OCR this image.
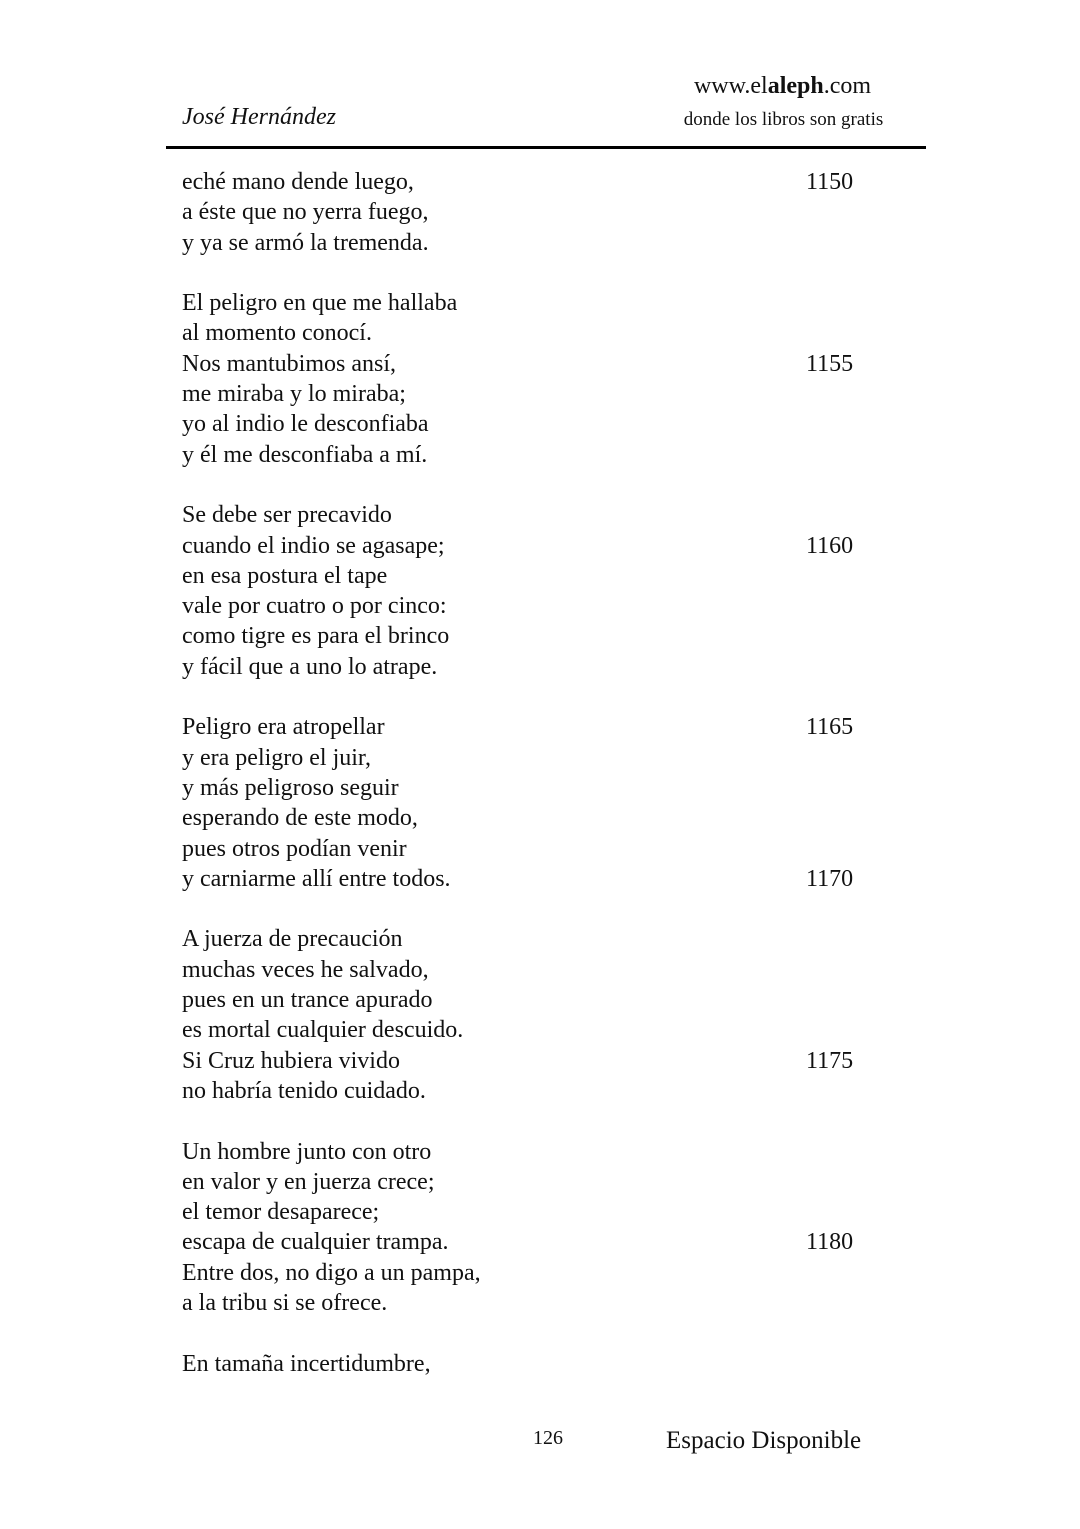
José Hernández
www.elaleph.com
donde los libros son gratis
eché mano dende luego,	1150
a éste que no yerra fuego,
y ya se armó la tremenda.
El peligro en que me hallaba
al momento conocí.
Nos mantubimos ansí,	1155
me miraba y lo miraba;
yo al indio le desconfiaba
y él me desconfiaba a mí.
Se debe ser precavido
cuando el indio se agasape;	1160
en esa postura el tape
vale por cuatro o por cinco:
como tigre es para el brinco
y fácil que a uno lo atrape.
Peligro era atropellar	1165
y era peligro el juir,
y más peligroso seguir
esperando de este modo,
pues otros podían venir
y carniarme allí entre todos.	1170
A juerza de precaución
muchas veces he salvado,
pues en un trance apurado
es mortal cualquier descuido.
Si Cruz hubiera vivido	1175
no habría tenido cuidado.
Un hombre junto con otro
en valor y en juerza crece;
el temor desaparece;
escapa de cualquier trampa.	1180
Entre dos, no digo a un pampa,
a la tribu si se ofrece.
En tamaña incertidumbre,
126	Espacio Disponible
